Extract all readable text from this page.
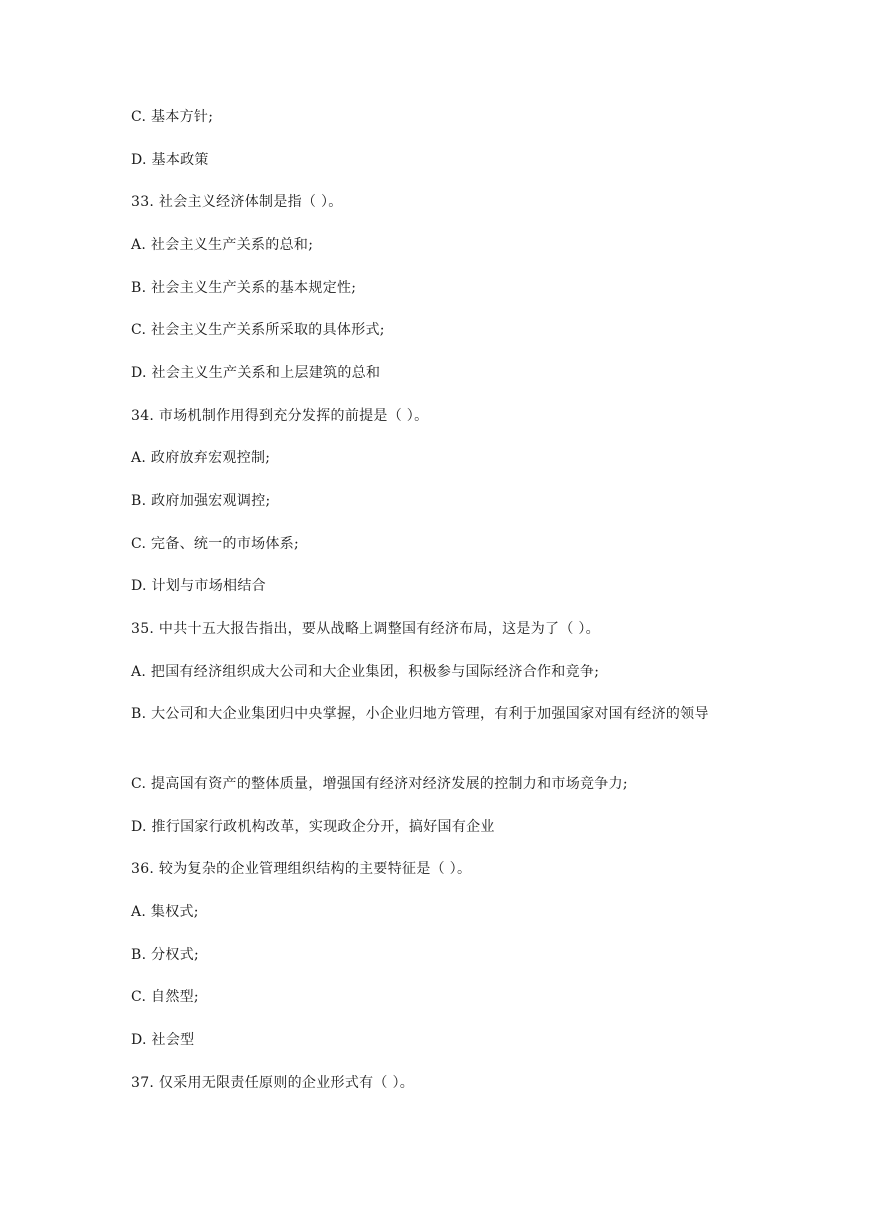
C. 基本方针;
D. 基本政策
33. 社会主义经济体制是指（ ）。
A. 社会主义生产关系的总和;
B. 社会主义生产关系的基本规定性;
C. 社会主义生产关系所采取的具体形式;
D. 社会主义生产关系和上层建筑的总和
34. 市场机制作用得到充分发挥的前提是（ ）。
A. 政府放弃宏观控制;
B. 政府加强宏观调控;
C. 完备、统一的市场体系;
D. 计划与市场相结合
35. 中共十五大报告指出，要从战略上调整国有经济布局，这是为了（ ）。
A. 把国有经济组织成大公司和大企业集团，积极参与国际经济合作和竞争;
B. 大公司和大企业集团归中央掌握，小企业归地方管理，有利于加强国家对国有经济的领导
C. 提高国有资产的整体质量，增强国有经济对经济发展的控制力和市场竞争力;
D. 推行国家行政机构改革，实现政企分开，搞好国有企业
36. 较为复杂的企业管理组织结构的主要特征是（ ）。
A. 集权式;
B. 分权式;
C. 自然型;
D. 社会型
37. 仅采用无限责任原则的企业形式有（ ）。
